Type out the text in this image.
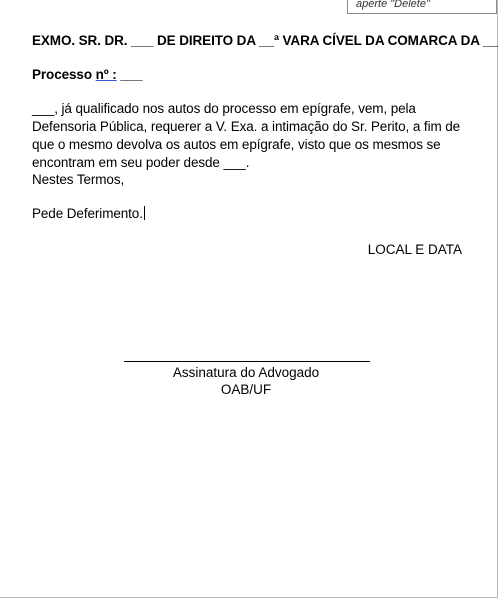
aperte "Delete"
EXMO. SR. DR. ___ DE DIREITO DA __ª VARA CÍVEL DA COMARCA DA __
Processo nº : ___
___, já qualificado nos autos do processo em epígrafe, vem, pela Defensoria Pública, requerer a V. Exa. a intimação do Sr. Perito, a fim de que o mesmo devolva os autos em epígrafe, visto que os mesmos se encontram em seu poder desde ___.
Nestes Termos,
Pede Deferimento.
LOCAL E DATA
Assinatura do Advogado
OAB/UF
